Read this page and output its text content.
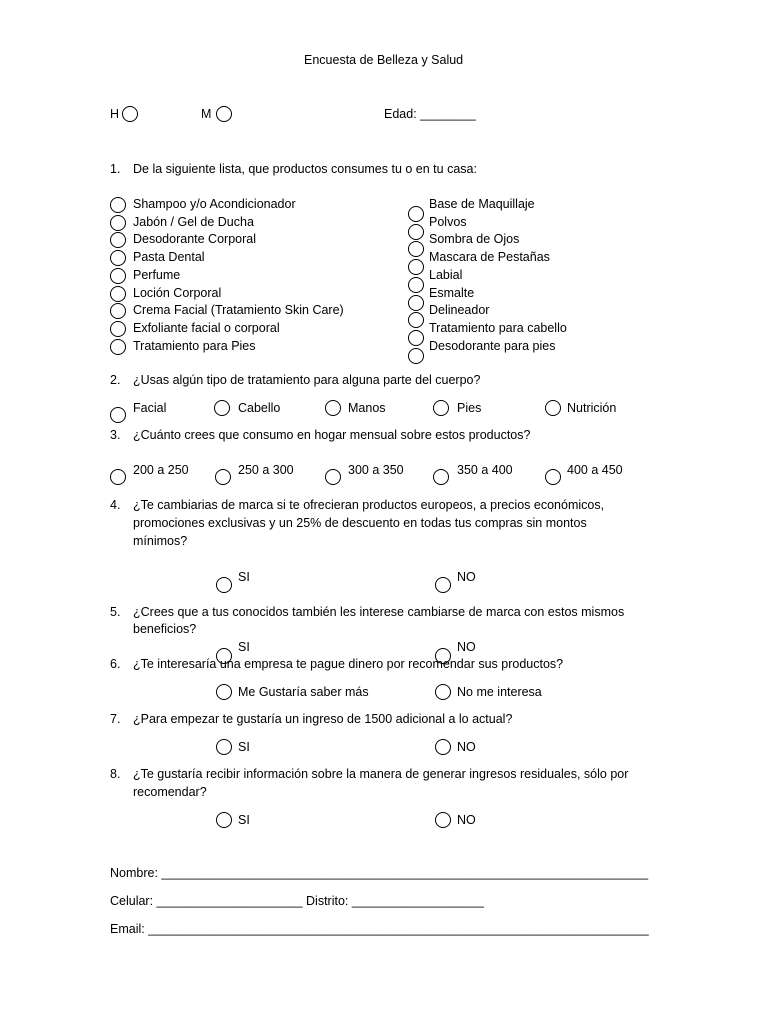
Encuesta de Belleza y Salud
H	M	Edad: ________
1. De la siguiente lista, que productos consumes tu o en tu casa:
Shampoo y/o Acondicionador
Jabón / Gel de Ducha
Desodorante Corporal
Pasta Dental
Perfume
Loción Corporal
Crema Facial (Tratamiento Skin Care)
Exfoliante facial o corporal
Tratamiento para Pies
Base de Maquillaje
Polvos
Sombra de Ojos
Mascara de Pestañas
Labial
Esmalte
Delineador
Tratamiento para cabello
Desodorante para pies
2. ¿Usas algún tipo de tratamiento para alguna parte del cuerpo?
Facial	Cabello	Manos	Pies	Nutrición
3. ¿Cuánto crees que consumo en hogar mensual sobre estos productos?
200 a 250	250 a 300	300 a 350	350 a 400	400 a 450
4. ¿Te cambiarias de marca si te ofrecieran productos europeos, a precios económicos,
promociones exclusivas y un 25% de descuento en todas tus compras sin montos
mínimos?
SI	NO
5. ¿Crees que a tus conocidos también les interese cambiarse de marca con estos mismos
beneficios?
SI	NO
6. ¿Te interesaría una empresa te pague dinero por recomendar sus productos?
Me Gustaría saber más	No me interesa
7. ¿Para empezar te gustaría un ingreso de 1500 adicional a lo actual?
SI	NO
8. ¿Te gustaría recibir información sobre la manera de generar ingresos residuales, sólo por
recomendar?
SI	NO
Nombre: ______________________________________________________________________
Celular: _____________________ Distrito: ___________________
Email: ________________________________________________________________________
